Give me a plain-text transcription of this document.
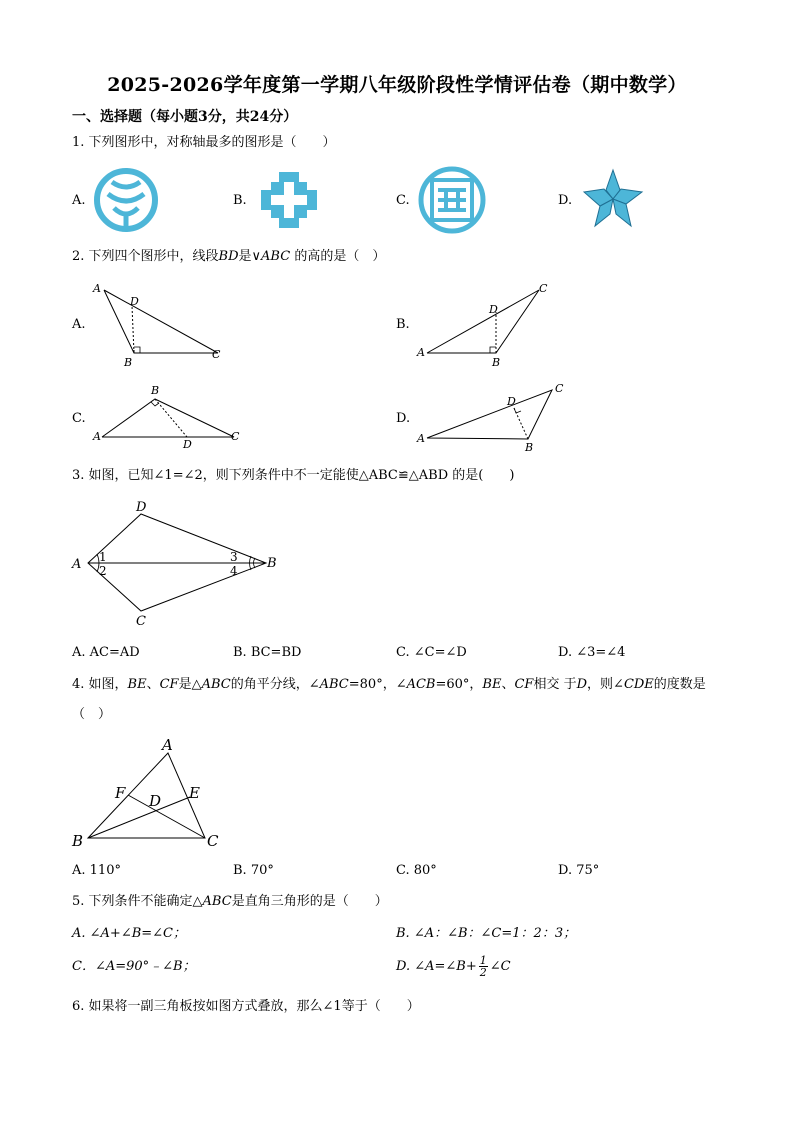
2025-2026学年度第一学期八年级阶段性学情评估卷（期中数学）
一、选择题（每小题3分，共24分）
1. 下列图形中，对称轴最多的图形是（　　）
A.	B.	C.	D.
2. 下列四个图形中，线段BD是∨ABC 的高的是（　）
A.	B.
C.	D.
A
D
B
C	A
D
B
C
A
B
D
C	A
D
B
C
3. 如图，已知∠1=∠2，则下列条件中不一定能使△ABC≌△ABD 的是(　　)
A
D
B
C
1
2
3
4
A. AC=AD	B. BC=BD	C. ∠C=∠D	D. ∠3=∠4
4. 如图，BE、CF是△ABC的角平分线，∠ABC=80°，∠ACB=60°，BE、CF相交 于D，则∠CDE的度数是
（　）
A
B	C
D E
F
A. 110°	B. 70°	C. 80°	D. 75°
5. 下列条件不能确定△ABC是直角三角形的是（　　）
A. ∠A+∠B=∠C；	B. ∠A：∠B：∠C=1：2：3；
C．∠A=90°﹣∠B；	D. ∠A=∠B+ $\frac{1}{2}$ ∠C
6. 如果将一副三角板按如图方式叠放，那么∠1等于（　　）
